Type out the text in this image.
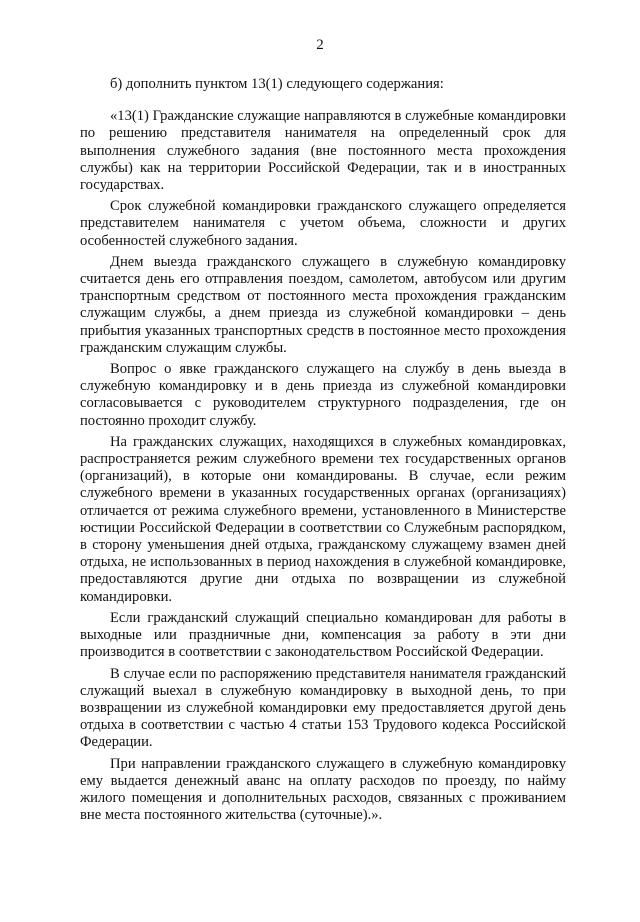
2

б) дополнить пунктом 13(1) следующего содержания:

«13(1) Гражданские служащие направляются в служебные командировки по решению представителя нанимателя на определенный срок для выполнения служебного задания (вне постоянного места прохождения службы) как на территории Российской Федерации, так и в иностранных государствах.

Срок служебной командировки гражданского служащего определяется представителем нанимателя с учетом объема, сложности и других особенностей служебного задания.

Днем выезда гражданского служащего в служебную командировку считается день его отправления поездом, самолетом, автобусом или другим транспортным средством от постоянного места прохождения гражданским служащим службы, а днем приезда из служебной командировки – день прибытия указанных транспортных средств в постоянное место прохождения гражданским служащим службы.

Вопрос о явке гражданского служащего на службу в день выезда в служебную командировку и в день приезда из служебной командировки согласовывается с руководителем структурного подразделения, где он постоянно проходит службу.

На гражданских служащих, находящихся в служебных командировках, распространяется режим служебного времени тех государственных органов (организаций), в которые они командированы. В случае, если режим служебного времени в указанных государственных органах (организациях) отличается от режима служебного времени, установленного в Министерстве юстиции Российской Федерации в соответствии со Служебным распорядком, в сторону уменьшения дней отдыха, гражданскому служащему взамен дней отдыха, не использованных в период нахождения в служебной командировке, предоставляются другие дни отдыха по возвращении из служебной командировки.

Если гражданский служащий специально командирован для работы в выходные или праздничные дни, компенсация за работу в эти дни производится в соответствии с законодательством Российской Федерации.

В случае если по распоряжению представителя нанимателя гражданский служащий выехал в служебную командировку в выходной день, то при возвращении из служебной командировки ему предоставляется другой день отдыха в соответствии с частью 4 статьи 153 Трудового кодекса Российской Федерации.

При направлении гражданского служащего в служебную командировку ему выдается денежный аванс на оплату расходов по проезду, по найму жилого помещения и дополнительных расходов, связанных с проживанием вне места постоянного жительства (суточные).».
